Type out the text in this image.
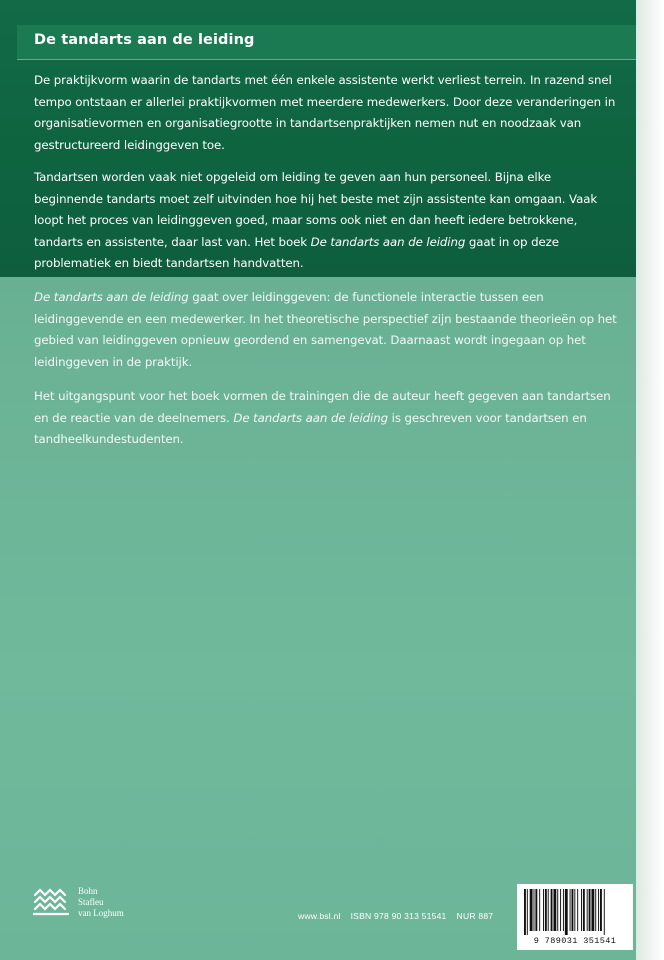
De tandarts aan de leiding
De praktijkvorm waarin de tandarts met één enkele assistente werkt verliest terrein. In razend snel tempo ontstaan er allerlei praktijkvormen met meerdere medewerkers. Door deze veranderingen in organisatievormen en organisatiegrootte in tandartsenpraktijken nemen nut en noodzaak van gestructureerd leidinggeven toe.
Tandartsen worden vaak niet opgeleid om leiding te geven aan hun personeel. Bijna elke beginnende tandarts moet zelf uitvinden hoe hij het beste met zijn assistente kan omgaan. Vaak loopt het proces van leidinggeven goed, maar soms ook niet en dan heeft iedere betrokkene, tandarts en assistente, daar last van. Het boek De tandarts aan de leiding gaat in op deze problematiek en biedt tandartsen handvatten.
De tandarts aan de leiding gaat over leidinggeven: de functionele interactie tussen een leidinggevende en een medewerker. In het theoretische perspectief zijn bestaande theorieën op het gebied van leidinggeven opnieuw geordend en samengevat. Daarnaast wordt ingegaan op het leidinggeven in de praktijk.
Het uitgangspunt voor het boek vormen de trainingen die de auteur heeft gegeven aan tandartsen en de reactie van de deelnemers. De tandarts aan de leiding is geschreven voor tandartsen en tandheelkundestudenten.
Bohn
Stafleu
van Loghum	www.bsl.nl ISBN 978 90 313 51541 NUR 887
9 789031 351541
